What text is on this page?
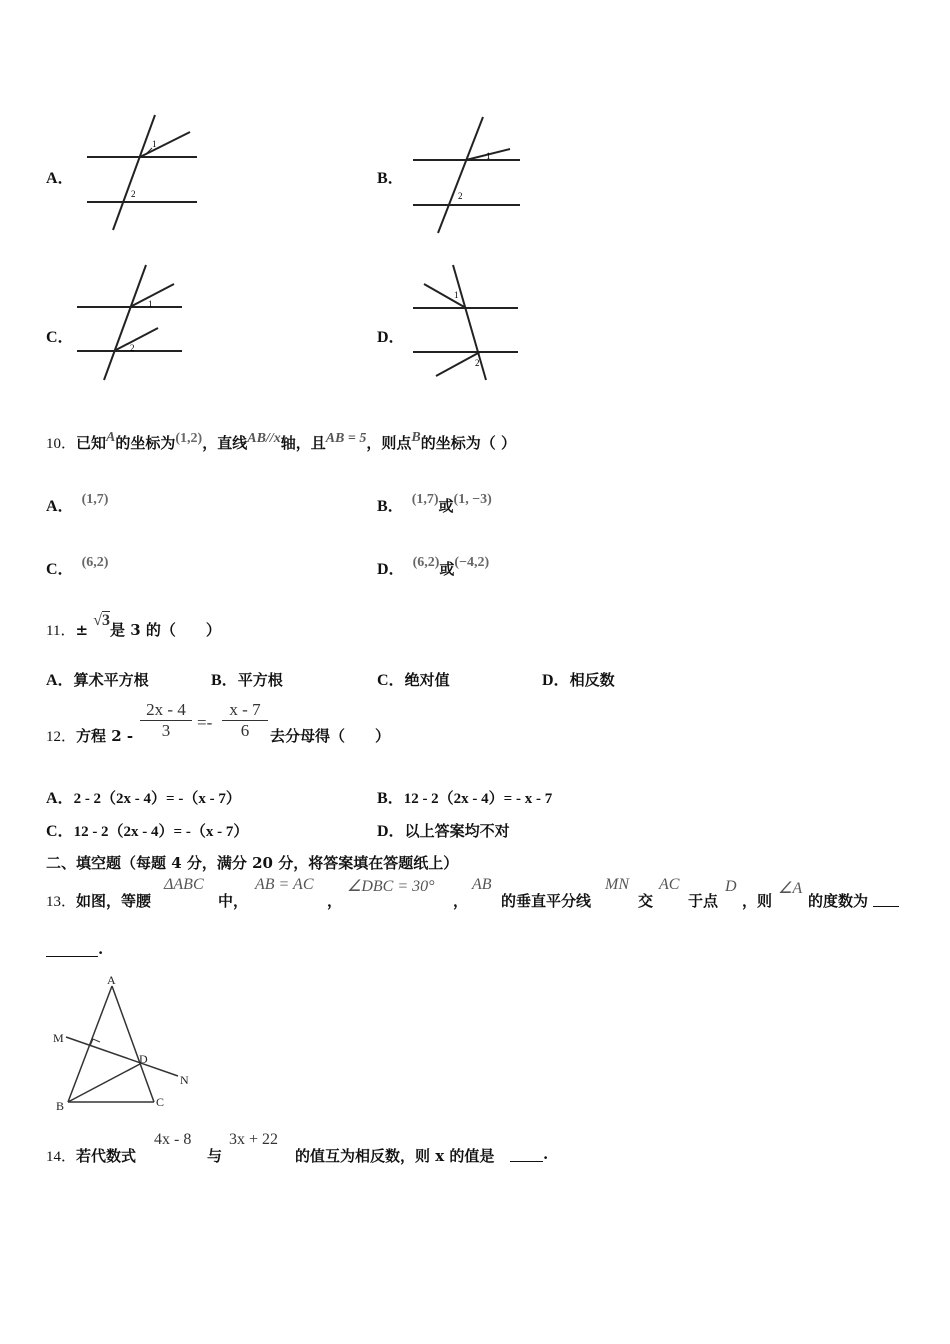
A．
1
2
B．
1
2
C．
1
2
D．
1
2
10．已知A的坐标为(1,2)，直线AB//x轴，且AB = 5，则点B的坐标为（ ）
A． (1,7)	B． (1,7)或(1, −3)
C． (6,2)	D． (6,2)或(−4,2)
11．± √3是 3 的（　　）
A．算术平方根	B．平方根	C．绝对值	D．相反数
12．方程 $2 - \frac{2x - 4}{3} =- \frac{x - 7}{6}$ 去分母得（　　）
A．2 - 2（2x - 4）= -（x - 7）	B．12 - 2（2x - 4）= - x - 7
C．12 - 2（2x - 4）= -（x - 7）	D．以上答案均不对
二、填空题（每题 4 分，满分 20 分，将答案填在答题纸上）
13．如图，等腰
ΔABC
中，
AB = AC
，
∠DBC = 30°
，
AB
的垂直平分线
MN
交
AC
于点
D
，则
∠A
的度数为
.
A
B	C
D
M
N
14．若代数式
4x - 8
与
3x + 22
的值互为相反数，则 x 的值是	.
